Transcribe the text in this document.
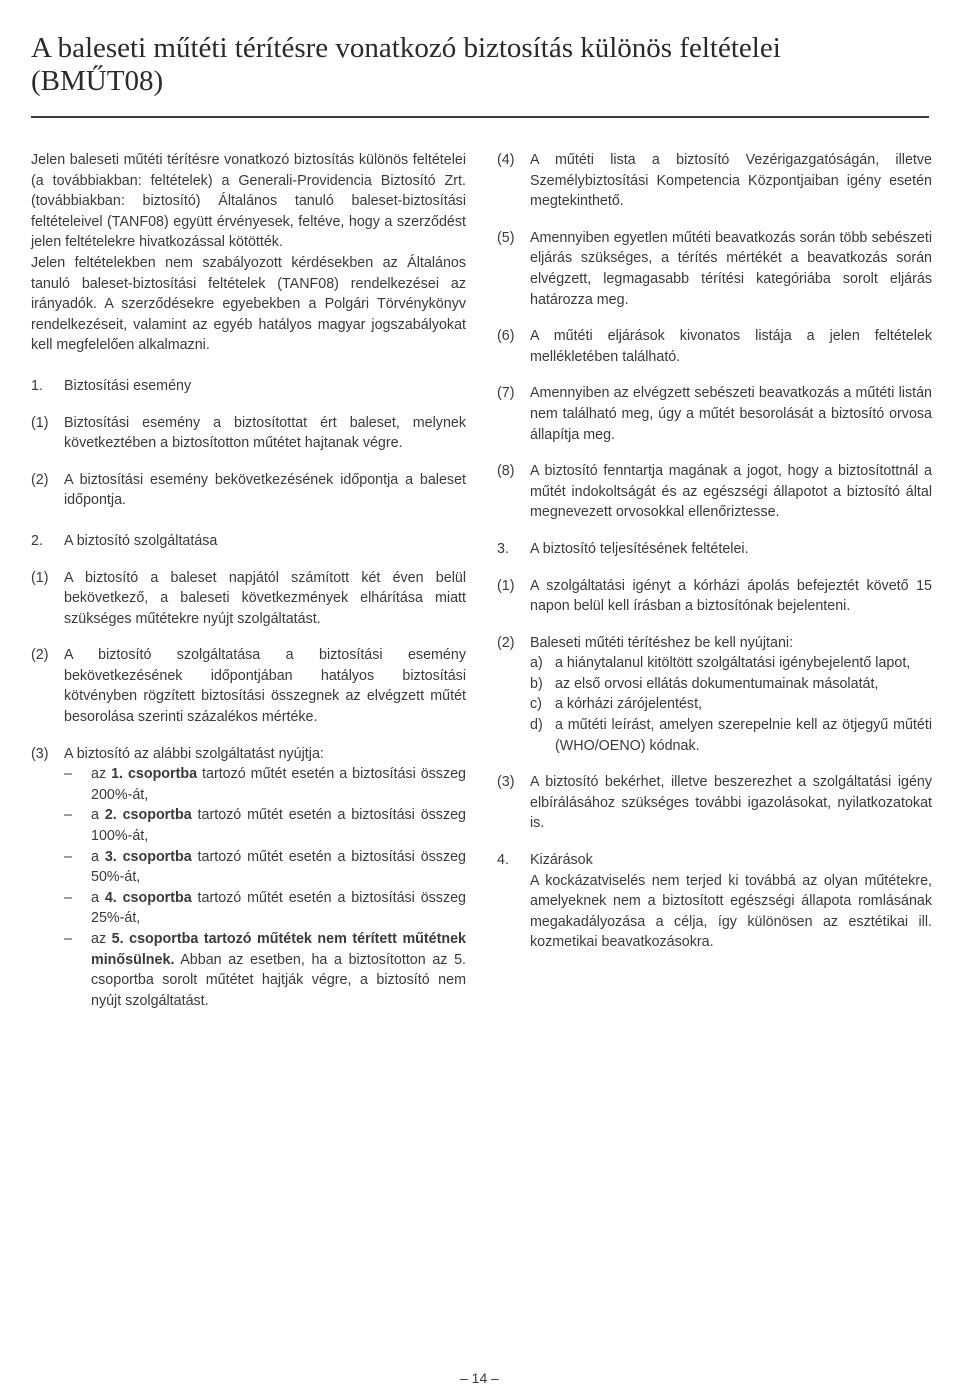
A baleseti műtéti térítésre vonatkozó biztosítás különös feltételei (BMŰT08)

Jelen baleseti műtéti térítésre vonatkozó biztosítás különös feltételei (a továbbiakban: feltételek) a Generali-Providencia Biztosító Zrt. (továbbiakban: biztosító) Általános tanuló baleset-biztosítási feltételeivel (TANF08) együtt érvényesek, feltéve, hogy a szerződést jelen feltételekre hivatkozással kötötték.

Jelen feltételekben nem szabályozott kérdésekben az Általános tanuló baleset-biztosítási feltételek (TANF08) rendelkezései az irányadók. A szerződésekre egyebekben a Polgári Törvénykönyv rendelkezéseit, valamint az egyéb hatályos magyar jogszabályokat kell megfelelően alkalmazni.

1.	Biztosítási esemény
(1)	Biztosítási esemény a biztosítottat ért baleset, melynek következtében a biztosítotton műtétet hajtanak végre.
(2)	A biztosítási esemény bekövetkezésének időpontja a baleset időpontja.
2.	A biztosító szolgáltatása
(1)	A biztosító a baleset napjától számított két éven belül bekövetkező, a baleseti következmények elhárítása miatt szükséges műtétekre nyújt szolgáltatást.
(2)	A biztosító szolgáltatása a biztosítási esemény bekövetkezésének időpontjában hatályos biztosítási kötvényben rögzített biztosítási összegnek az elvégzett műtét besorolása szerinti százalékos mértéke.
(3)	A biztosító az alábbi szolgáltatást nyújtja:
–	az 1. csoportba tartozó műtét esetén a biztosítási összeg 200%-át,
–	a 2. csoportba tartozó műtét esetén a biztosítási összeg 100%-át,
–	a 3. csoportba tartozó műtét esetén a biztosítási összeg 50%-át,
–	a 4. csoportba tartozó műtét esetén a biztosítási összeg 25%-át,
–	az 5. csoportba tartozó műtétek nem térített műtétnek minősülnek. Abban az esetben, ha a biztosítotton az 5. csoportba sorolt műtétet hajtják végre, a biztosító nem nyújt szolgáltatást.
(4)	A műtéti lista a biztosító Vezérigazgatóságán, illetve Személybiztosítási Kompetencia Központjaiban igény esetén megtekinthető.
(5)	Amennyiben egyetlen műtéti beavatkozás során több sebészeti eljárás szükséges, a térítés mértékét a beavatkozás során elvégzett, legmagasabb térítési kategóriába sorolt eljárás határozza meg.
(6)	A műtéti eljárások kivonatos listája a jelen feltételek mellékletében található.
(7)	Amennyiben az elvégzett sebészeti beavatkozás a műtéti listán nem található meg, úgy a műtét besorolását a biztosító orvosa állapítja meg.
(8)	A biztosító fenntartja magának a jogot, hogy a biztosítottnál a műtét indokoltságát és az egészségi állapotot a biztosító által megnevezett orvosokkal ellenőriztesse.
3.	A biztosító teljesítésének feltételei.
(1)	A szolgáltatási igényt a kórházi ápolás befejeztét követő 15 napon belül kell írásban a biztosítónak bejelenteni.
(2)	Baleseti műtéti térítéshez be kell nyújtani:
a) a hiánytalanul kitöltött szolgáltatási igénybejelentő lapot,
b) az első orvosi ellátás dokumentumainak másolatát,
c) a kórházi zárójelentést,
d) a műtéti leírást, amelyen szerepelnie kell az ötjegyű műtéti (WHO/OENO) kódnak.
(3)	A biztosító bekérhet, illetve beszerezhet a szolgáltatási igény elbírálásához szükséges további igazolásokat, nyilatkozatokat is.
4.	Kizárások
A kockázatviselés nem terjed ki továbbá az olyan műtétekre, amelyeknek nem a biztosított egészségi állapota romlásának megakadályozása a célja, így különösen az esztétikai ill. kozmetikai beavatkozásokra.
– 14 –
